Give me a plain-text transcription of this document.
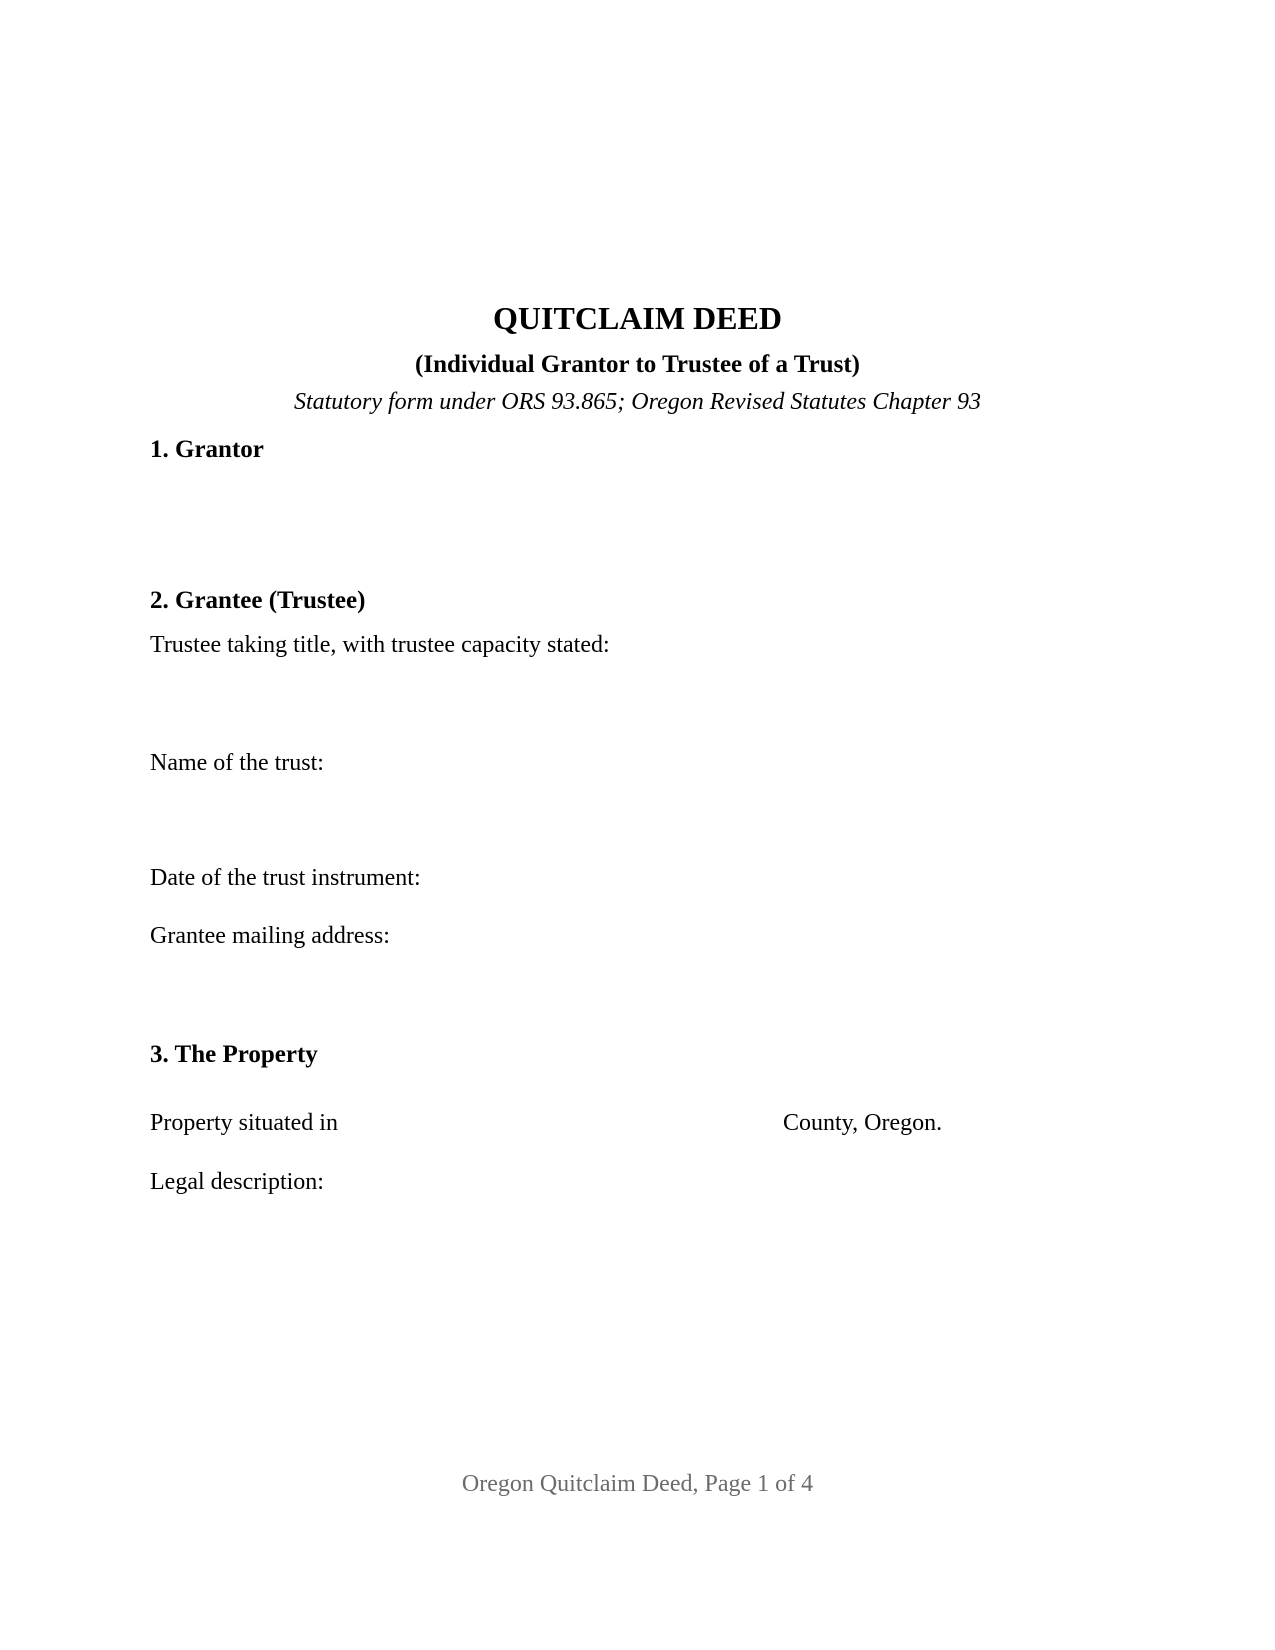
QUITCLAIM DEED
(Individual Grantor to Trustee of a Trust)
Statutory form under ORS 93.865; Oregon Revised Statutes Chapter 93
1. Grantor
2. Grantee (Trustee)
Trustee taking title, with trustee capacity stated:
Name of the trust:
Date of the trust instrument:
Grantee mailing address:
3. The Property
Property situated in	County, Oregon.
Legal description:
Oregon Quitclaim Deed, Page 1 of 4
